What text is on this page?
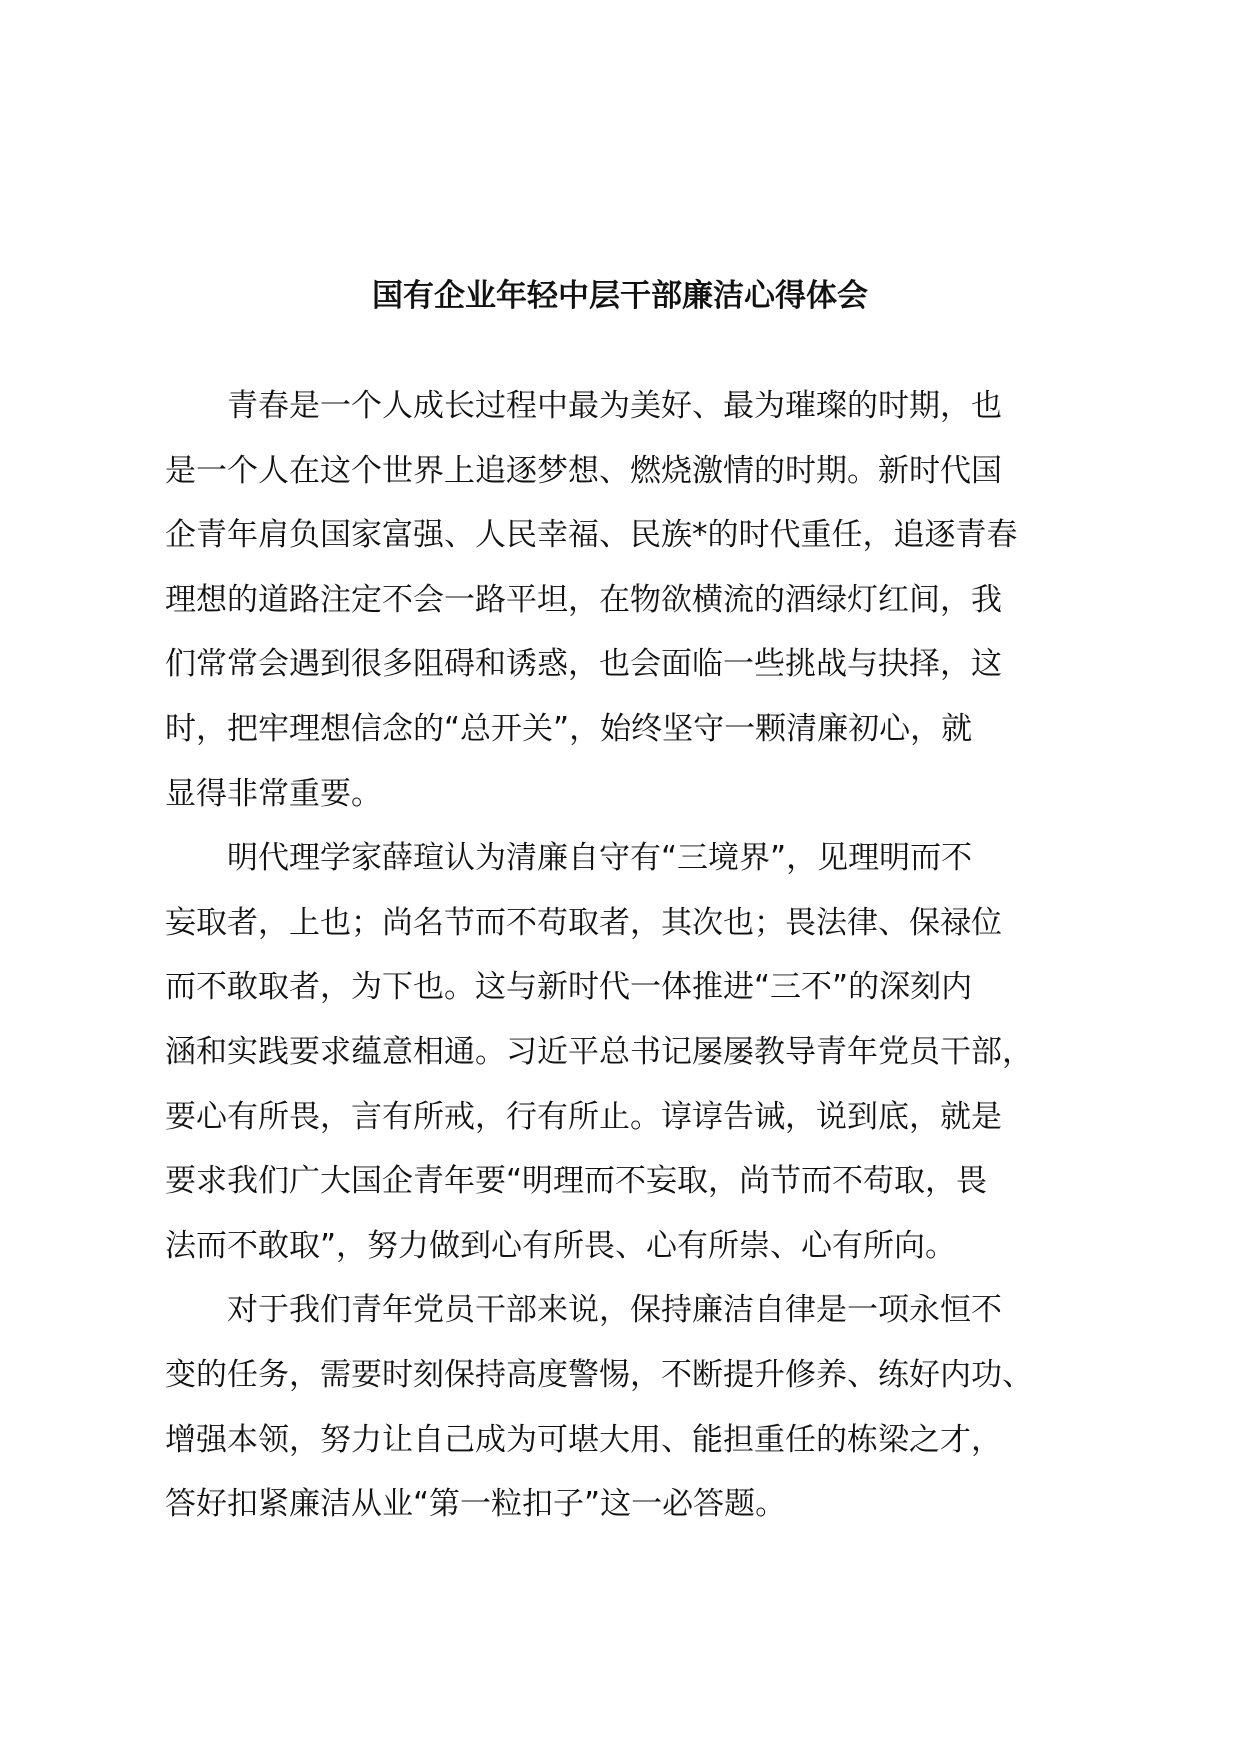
国有企业年轻中层干部廉洁心得体会

青春是一个人成长过程中最为美好、最为璀璨的时期，也
是一个人在这个世界上追逐梦想、燃烧激情的时期。新时代国
企青年肩负国家富强、人民幸福、民族*的时代重任，追逐青春
理想的道路注定不会一路平坦，在物欲横流的酒绿灯红间，我
们常常会遇到很多阻碍和诱惑，也会面临一些挑战与抉择，这
时，把牢理想信念的“总开关”，始终坚守一颗清廉初心，就
显得非常重要。

明代理学家薛瑄认为清廉自守有“三境界”，见理明而不
妄取者，上也；尚名节而不苟取者，其次也；畏法律、保禄位
而不敢取者，为下也。这与新时代一体推进“三不”的深刻内
涵和实践要求蕴意相通。习近平总书记屡屡教导青年党员干部，
要心有所畏，言有所戒，行有所止。谆谆告诫，说到底，就是
要求我们广大国企青年要“明理而不妄取，尚节而不苟取，畏
法而不敢取”，努力做到心有所畏、心有所崇、心有所向。

对于我们青年党员干部来说，保持廉洁自律是一项永恒不
变的任务，需要时刻保持高度警惕，不断提升修养、练好内功、
增强本领，努力让自己成为可堪大用、能担重任的栋梁之才，
答好扣紧廉洁从业“第一粒扣子”这一必答题。
